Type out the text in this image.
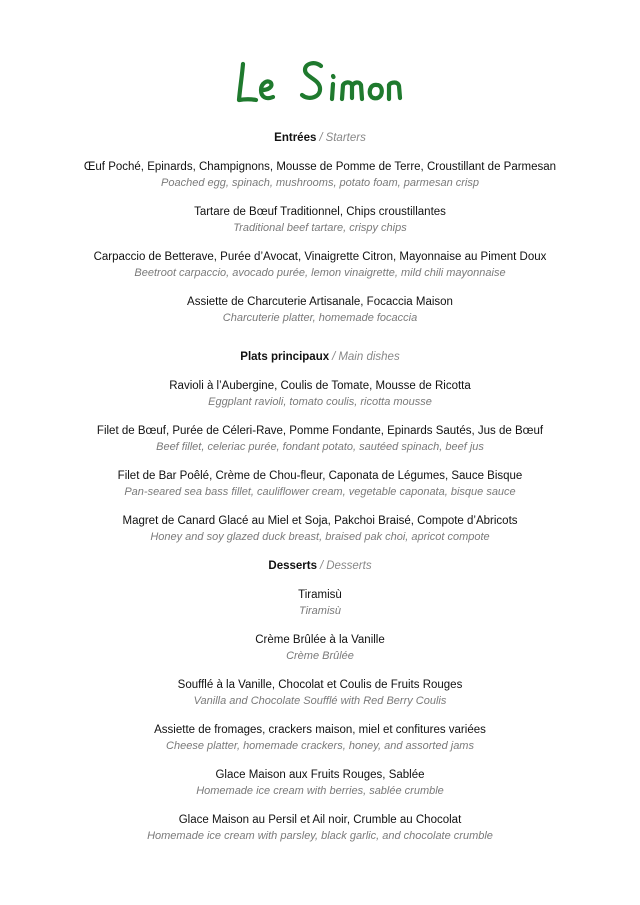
Entrées / Starters

Œuf Poché, Epinards, Champignons, Mousse de Pomme de Terre, Croustillant de Parmesan
Poached egg, spinach, mushrooms, potato foam, parmesan crisp
Tartare de Bœuf Traditionnel, Chips croustillantes
Traditional beef tartare, crispy chips
Carpaccio de Betterave, Purée d’Avocat, Vinaigrette Citron, Mayonnaise au Piment Doux
Beetroot carpaccio, avocado purée, lemon vinaigrette, mild chili mayonnaise
Assiette de Charcuterie Artisanale, Focaccia Maison
Charcuterie platter, homemade focaccia

Plats principaux / Main dishes

Ravioli à l’Aubergine, Coulis de Tomate, Mousse de Ricotta
Eggplant ravioli, tomato coulis, ricotta mousse
Filet de Bœuf, Purée de Céleri-Rave, Pomme Fondante, Epinards Sautés, Jus de Bœuf
Beef fillet, celeriac purée, fondant potato, sautéed spinach, beef jus
Filet de Bar Poêlé, Crème de Chou-fleur, Caponata de Légumes, Sauce Bisque
Pan-seared sea bass fillet, cauliflower cream, vegetable caponata, bisque sauce
Magret de Canard Glacé au Miel et Soja, Pakchoi Braisé, Compote d’Abricots
Honey and soy glazed duck breast, braised pak choi, apricot compote

Desserts / Desserts

Tiramisù
Tiramisù
Crème Brûlée à la Vanille
Crème Brûlée
Soufflé à la Vanille, Chocolat et Coulis de Fruits Rouges
Vanilla and Chocolate Soufflé with Red Berry Coulis
Assiette de fromages, crackers maison, miel et confitures variées
Cheese platter, homemade crackers, honey, and assorted jams
Glace Maison aux Fruits Rouges, Sablée
Homemade ice cream with berries, sablée crumble
Glace Maison au Persil et Ail noir, Crumble au Chocolat
Homemade ice cream with parsley, black garlic, and chocolate crumble
